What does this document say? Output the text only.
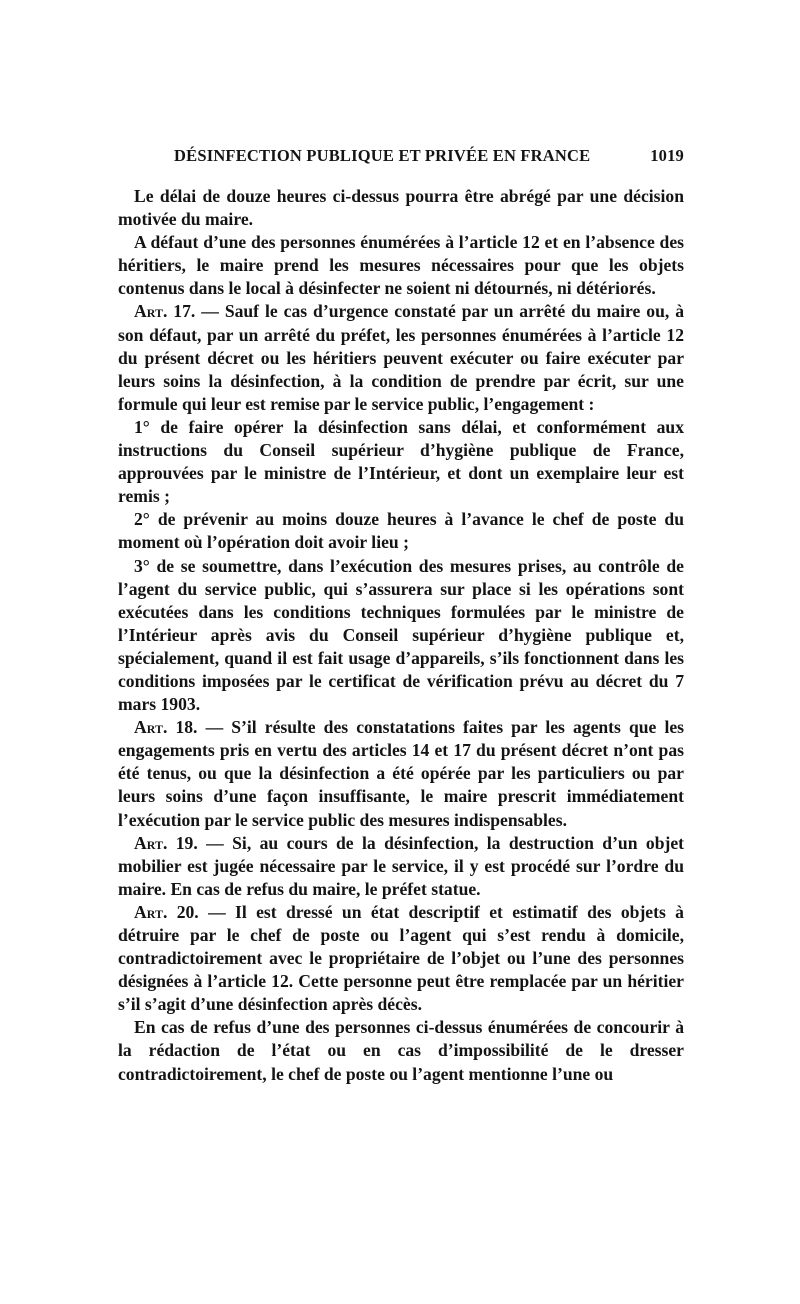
DÉSINFECTION PUBLIQUE ET PRIVÉE EN FRANCE	1019

Le délai de douze heures ci-dessus pourra être abrégé par une décision motivée du maire.

A défaut d’une des personnes énumérées à l’article 12 et en l’absence des héritiers, le maire prend les mesures nécessaires pour que les objets contenus dans le local à désinfecter ne soient ni détournés, ni détériorés.

Art. 17. — Sauf le cas d’urgence constaté par un arrêté du maire ou, à son défaut, par un arrêté du préfet, les personnes énumérées à l’article 12 du présent décret ou les héritiers peuvent exécuter ou faire exécuter par leurs soins la désinfection, à la condition de prendre par écrit, sur une formule qui leur est remise par le service public, l’engagement :

1° de faire opérer la désinfection sans délai, et conformément aux instructions du Conseil supérieur d’hygiène publique de France, approuvées par le ministre de l’Intérieur, et dont un exemplaire leur est remis ;

2° de prévenir au moins douze heures à l’avance le chef de poste du moment où l’opération doit avoir lieu ;

3° de se soumettre, dans l’exécution des mesures prises, au contrôle de l’agent du service public, qui s’assurera sur place si les opérations sont exécutées dans les conditions techniques formulées par le ministre de l’Intérieur après avis du Conseil supérieur d’hygiène publique et, spécialement, quand il est fait usage d’appareils, s’ils fonctionnent dans les conditions imposées par le certificat de vérification prévu au décret du 7 mars 1903.

Art. 18. — S’il résulte des constatations faites par les agents que les engagements pris en vertu des articles 14 et 17 du présent décret n’ont pas été tenus, ou que la désinfection a été opérée par les particuliers ou par leurs soins d’une façon insuffisante, le maire prescrit immédiatement l’exécution par le service public des mesures indispensables.

Art. 19. — Si, au cours de la désinfection, la destruction d’un objet mobilier est jugée nécessaire par le service, il y est procédé sur l’ordre du maire. En cas de refus du maire, le préfet statue.

Art. 20. — Il est dressé un état descriptif et estimatif des objets à détruire par le chef de poste ou l’agent qui s’est rendu à domicile, contradictoirement avec le propriétaire de l’objet ou l’une des personnes désignées à l’article 12. Cette personne peut être remplacée par un héritier s’il s’agit d’une désinfection après décès.

En cas de refus d’une des personnes ci-dessus énumérées de concourir à la rédaction de l’état ou en cas d’impossibilité de le dresser contradictoirement, le chef de poste ou l’agent mentionne l’une ou
